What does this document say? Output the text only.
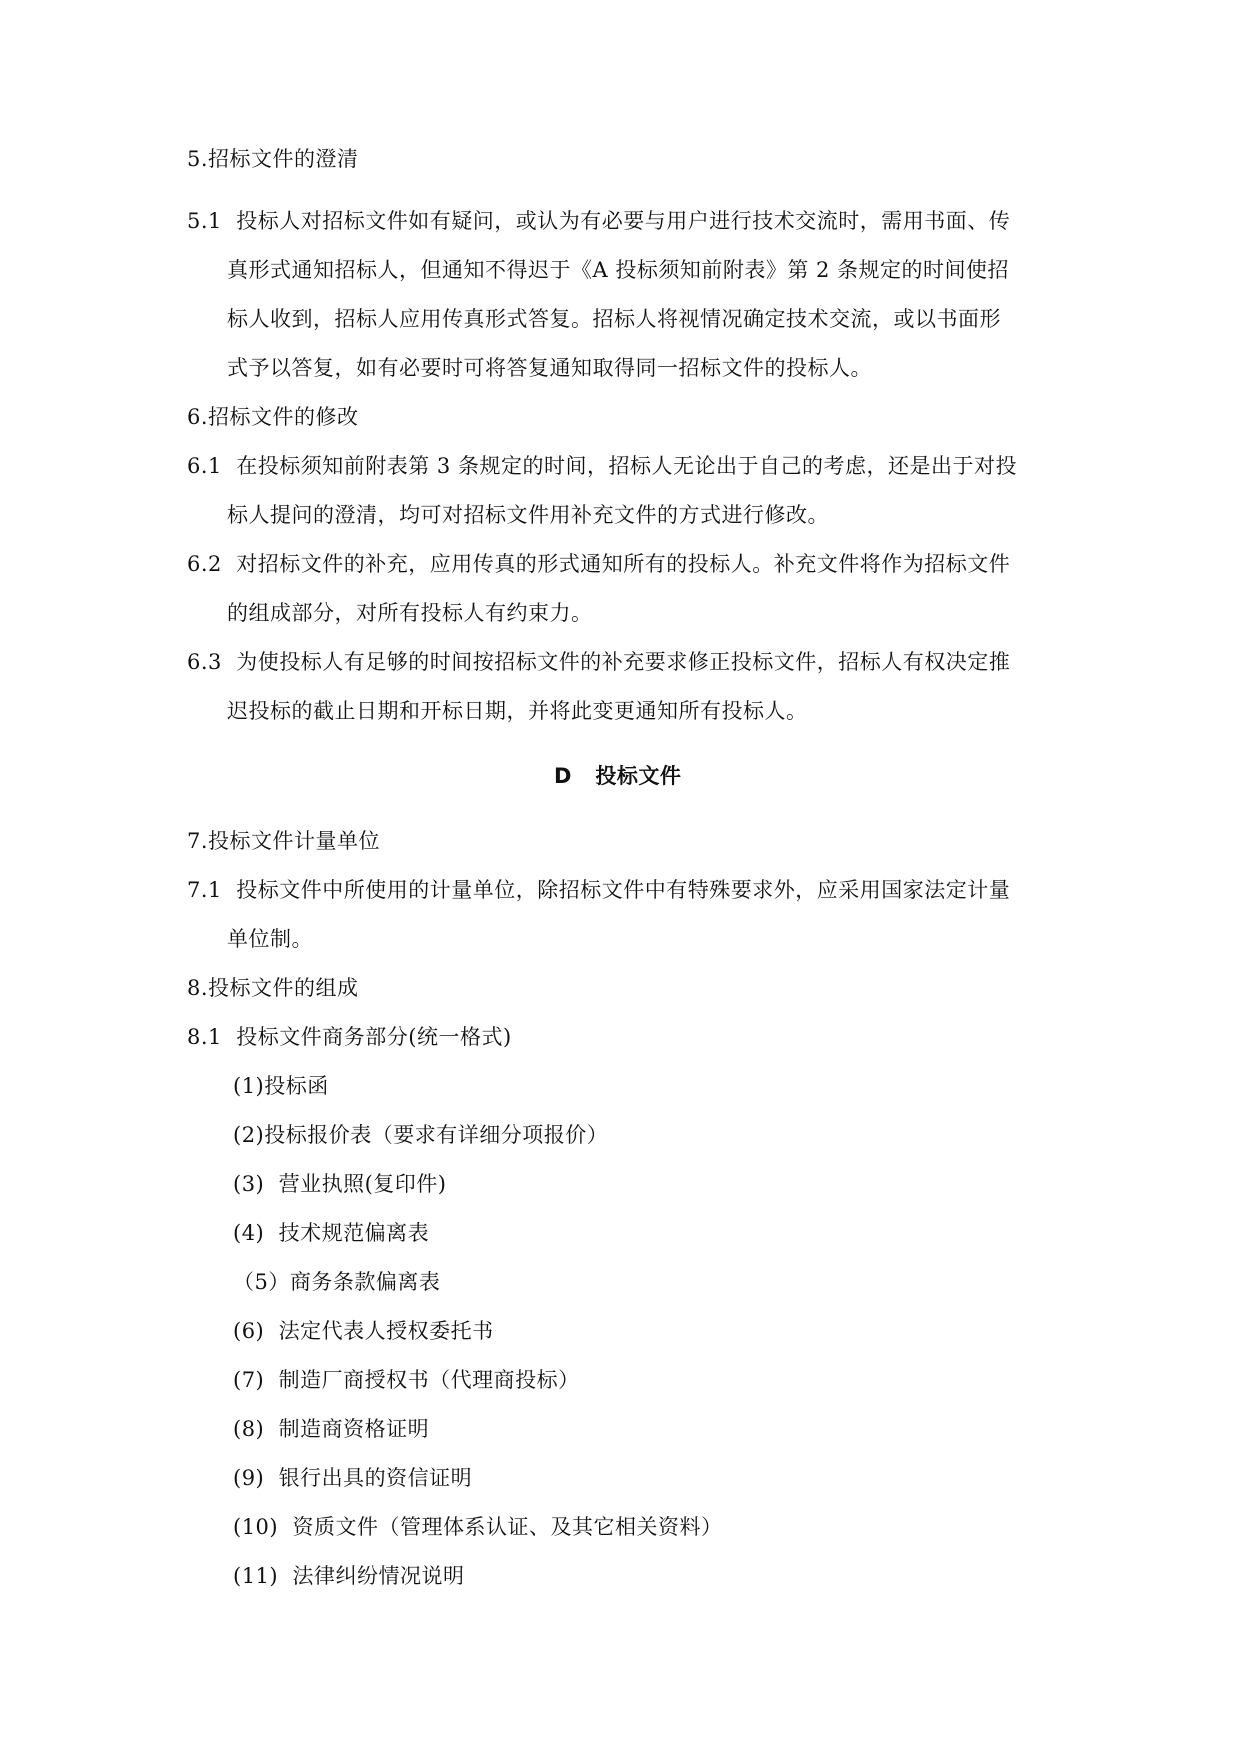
5.招标文件的澄清
5.1  投标人对招标文件如有疑问，或认为有必要与用户进行技术交流时，需用书面、传
真形式通知招标人，但通知不得迟于《A 投标须知前附表》第 2 条规定的时间使招
标人收到，招标人应用传真形式答复。招标人将视情况确定技术交流，或以书面形
式予以答复，如有必要时可将答复通知取得同一招标文件的投标人。
6.招标文件的修改
6.1  在投标须知前附表第 3 条规定的时间，招标人无论出于自己的考虑，还是出于对投
标人提问的澄清，均可对招标文件用补充文件的方式进行修改。
6.2  对招标文件的补充，应用传真的形式通知所有的投标人。补充文件将作为招标文件
的组成部分，对所有投标人有约束力。
6.3  为使投标人有足够的时间按招标文件的补充要求修正投标文件，招标人有权决定推
迟投标的截止日期和开标日期，并将此变更通知所有投标人。
D   投标文件
7.投标文件计量单位
7.1  投标文件中所使用的计量单位，除招标文件中有特殊要求外，应采用国家法定计量
单位制。
8.投标文件的组成
8.1  投标文件商务部分(统一格式)
(1)投标函
(2)投标报价表（要求有详细分项报价）
(3)  营业执照(复印件)
(4)  技术规范偏离表
（5）商务条款偏离表
(6)  法定代表人授权委托书
(7)  制造厂商授权书（代理商投标）
(8)  制造商资格证明
(9)  银行出具的资信证明
(10)  资质文件（管理体系认证、及其它相关资料）
(11)  法律纠纷情况说明
